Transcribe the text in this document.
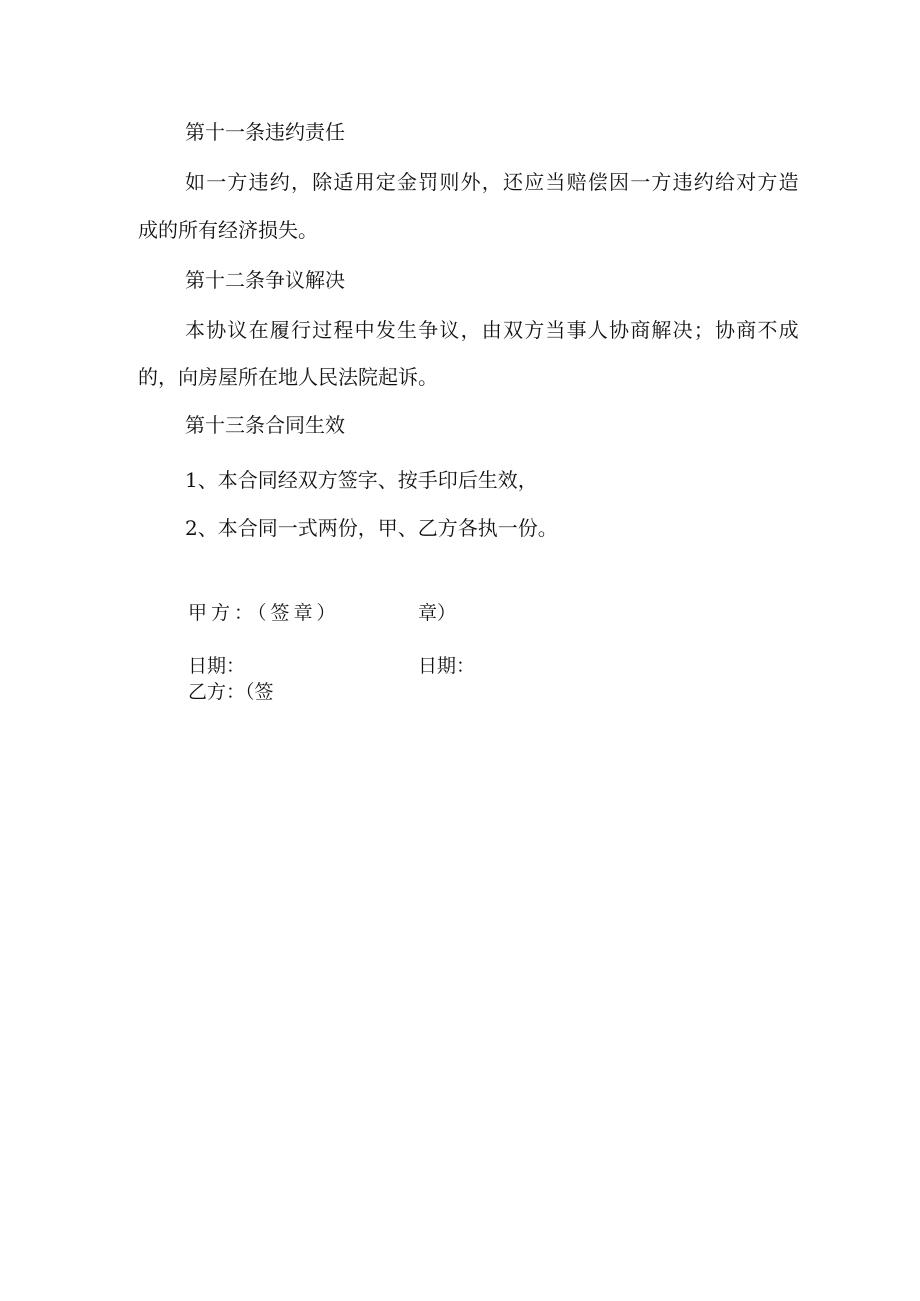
第十一条违约责任
如一方违约，除适用定金罚则外，还应当赔偿因一方违约给对方造
成的所有经济损失。
第十二条争议解决
本协议在履行过程中发生争议，由双方当事人协商解决；协商不成
的，向房屋所在地人民法院起诉。
第十三条合同生效
1、本合同经双方签字、按手印后生效，
2、本合同一式两份，甲、乙方各执一份。
甲方：（签章）	章）
日期：	日期：
乙方：（签
